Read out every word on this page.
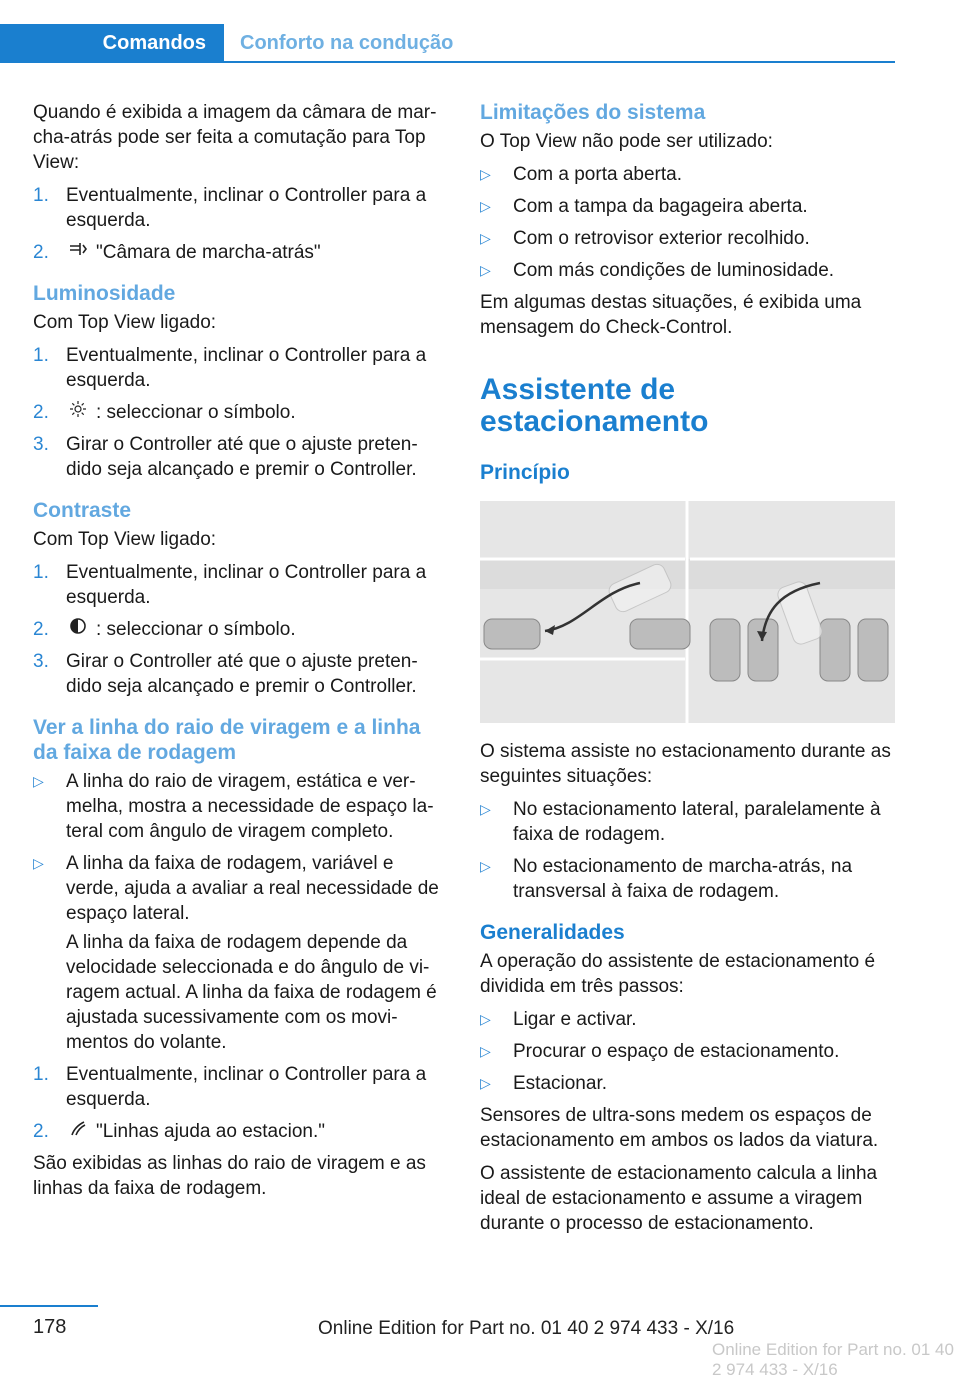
Comandos	Conforto na condução

Quando é exibida a imagem da câmara de mar-cha-atrás pode ser feita a comutação para Top View:

1. Eventualmente, inclinar o Controller para a esquerda.
2.	"Câmara de marcha-atrás"
Luminosidade

Com Top View ligado:

1. Eventualmente, inclinar o Controller para a esquerda.
2.	: seleccionar o símbolo.
3. Girar o Controller até que o ajuste preten-dido seja alcançado e premir o Controller.
Contraste

Com Top View ligado:

1. Eventualmente, inclinar o Controller para a esquerda.
2.	: seleccionar o símbolo.
3. Girar o Controller até que o ajuste preten-dido seja alcançado e premir o Controller.
Ver a linha do raio de viragem e a linha da faixa de rodagem
▷	A linha do raio de viragem, estática e ver-melha, mostra a necessidade de espaço la-teral com ângulo de viragem completo.
▷	A linha da faixa de rodagem, variável e verde, ajuda a avaliar a real necessidade de espaço lateral.
A linha da faixa de rodagem depende da velocidade seleccionada e do ângulo de vi-ragem actual. A linha da faixa de rodagem é ajustada sucessivamente com os movi-mentos do volante.
1. Eventualmente, inclinar o Controller para a esquerda.
2.	"Linhas ajuda ao estacion."

São exibidas as linhas do raio de viragem e as linhas da faixa de rodagem.

Limitações do sistema

O Top View não pode ser utilizado:

▷	Com a porta aberta.
▷	Com a tampa da bagageira aberta.
▷	Com o retrovisor exterior recolhido.
▷	Com más condições de luminosidade.

Em algumas destas situações, é exibida uma mensagem do Check-Control.

Assistente de estacionamento
Princípio

O sistema assiste no estacionamento durante as seguintes situações:

▷	No estacionamento lateral, paralelamente à faixa de rodagem.
▷	No estacionamento de marcha-atrás, na transversal à faixa de rodagem.
Generalidades

A operação do assistente de estacionamento é dividida em três passos:

▷	Ligar e activar.
▷	Procurar o espaço de estacionamento.
▷	Estacionar.

Sensores de ultra-sons medem os espaços de estacionamento em ambos os lados da viatura.

O assistente de estacionamento calcula a linha ideal de estacionamento e assume a viragem durante o processo de estacionamento.

178	Online Edition for Part no. 01 40 2 974 433 - X/16
Online Edition for Part no. 01 40 2 974 433 - X/16
